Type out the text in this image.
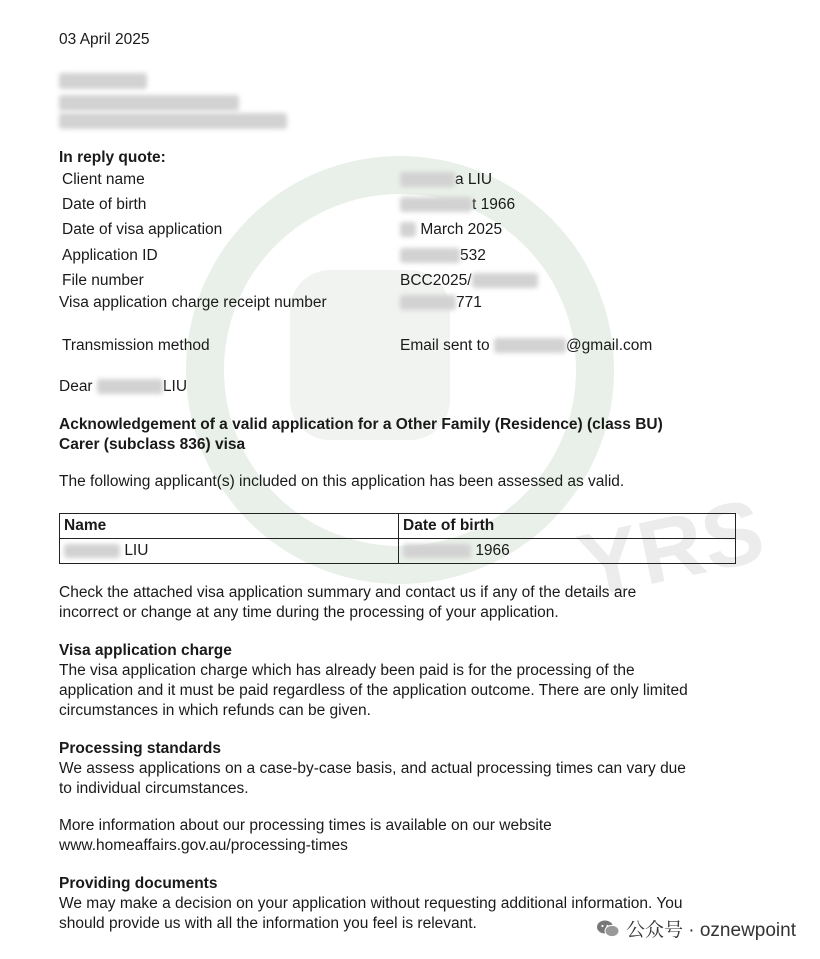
YRS
03 April 2025
In reply quote:
Client name	a LIU
Date of birth	t 1966
Date of visa application	March 2025
Application ID	532
File number	BCC2025/
Visa application charge receipt number	771
Transmission method	Email sent to	@gmail.com
Dear	LIU
Acknowledgement of a valid application for a Other Family (Residence) (class BU)
Carer (subclass 836) visa
The following applicant(s) included on this application has been assessed as valid.
Name	Date of birth
LIU	1966
Check the attached visa application summary and contact us if any of the details are
incorrect or change at any time during the processing of your application.
Visa application charge
The visa application charge which has already been paid is for the processing of the
application and it must be paid regardless of the application outcome. There are only limited
circumstances in which refunds can be given.
Processing standards
We assess applications on a case-by-case basis, and actual processing times can vary due
to individual circumstances.
More information about our processing times is available on our website
www.homeaffairs.gov.au/processing-times
Providing documents
We may make a decision on your application without requesting additional information. You
should provide us with all the information you feel is relevant.	公众号 · oznewpoint
